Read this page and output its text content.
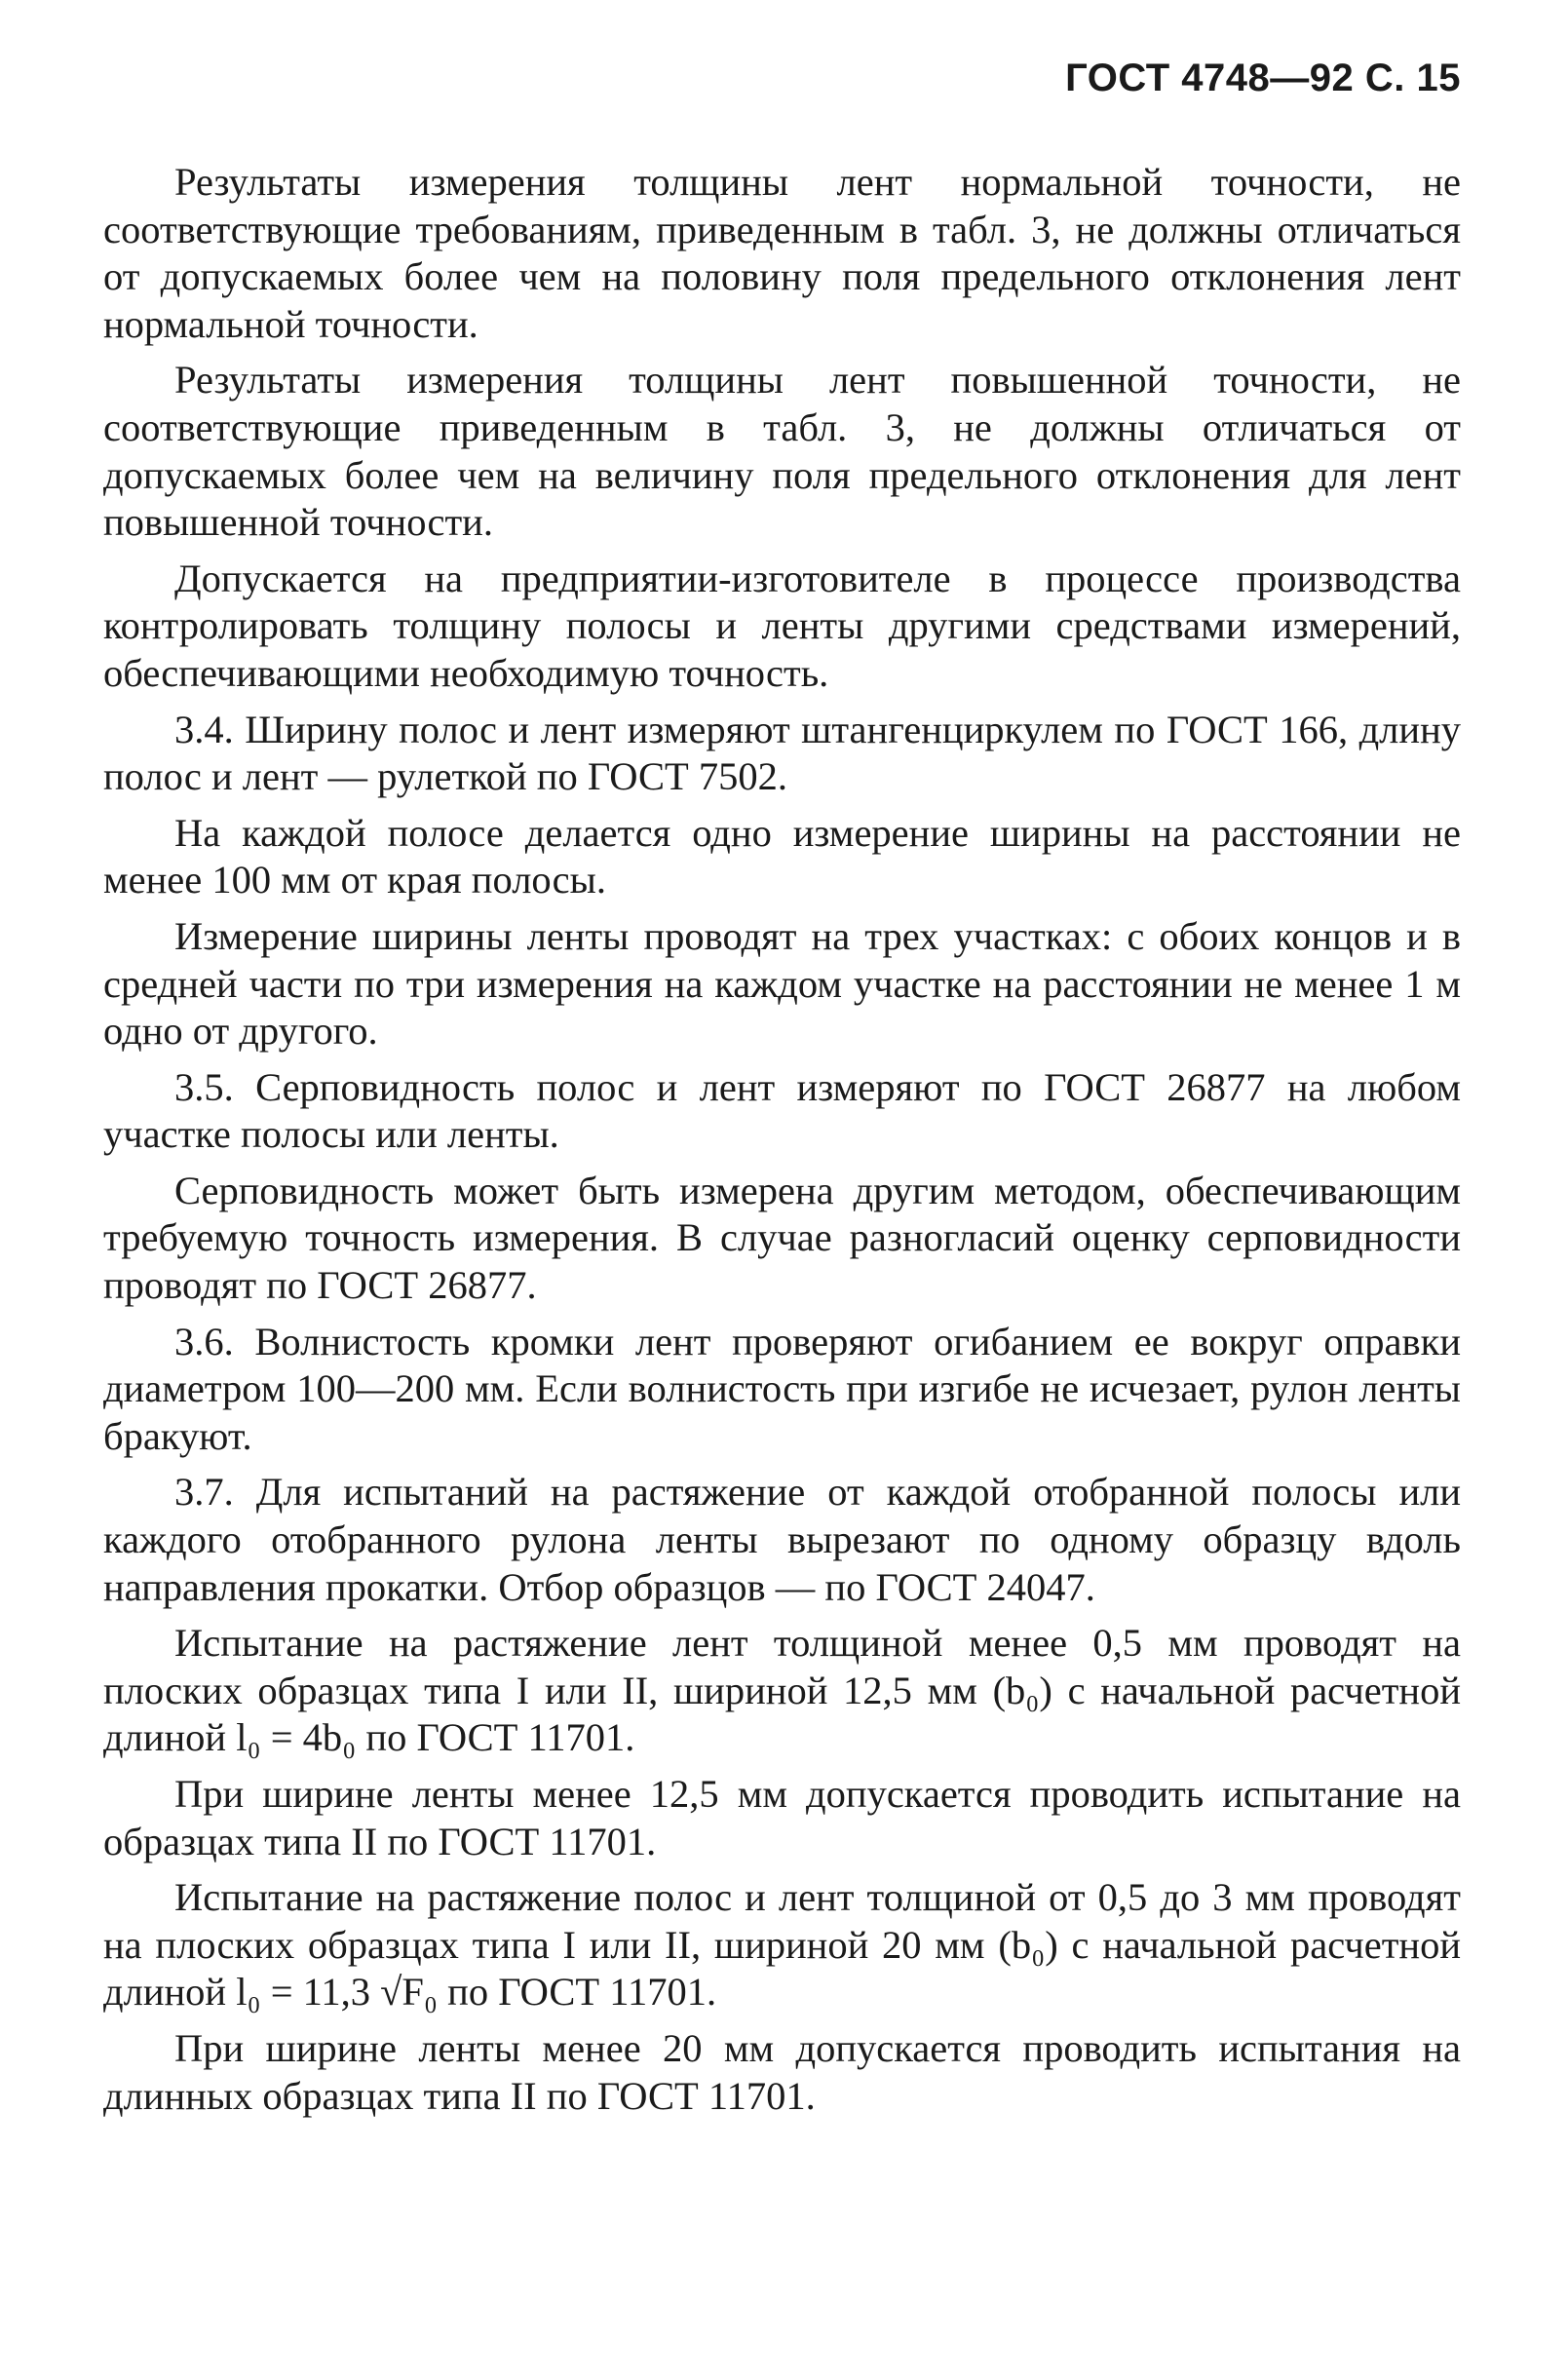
ГОСТ 4748—92 С. 15

Результаты измерения толщины лент нормальной точности, не соответствующие требованиям, приведенным в табл. 3, не должны отличаться от допускаемых более чем на половину поля предельного отклонения лент нормальной точности.

Результаты измерения толщины лент повышенной точности, не соответствующие приведенным в табл. 3, не должны отличаться от допускаемых более чем на величину поля предельного отклонения для лент повышенной точности.

Допускается на предприятии-изготовителе в процессе производства контролировать толщину полосы и ленты другими средствами измерений, обеспечивающими необходимую точность.

3.4. Ширину полос и лент измеряют штангенциркулем по ГОСТ 166, длину полос и лент — рулеткой по ГОСТ 7502.

На каждой полосе делается одно измерение ширины на расстоянии не менее 100 мм от края полосы.

Измерение ширины ленты проводят на трех участках: с обоих концов и в средней части по три измерения на каждом участке на расстоянии не менее 1 м одно от другого.

3.5. Серповидность полос и лент измеряют по ГОСТ 26877 на любом участке полосы или ленты.

Серповидность может быть измерена другим методом, обеспечивающим требуемую точность измерения. В случае разногласий оценку серповидности проводят по ГОСТ 26877.

3.6. Волнистость кромки лент проверяют огибанием ее вокруг оправки диаметром 100—200 мм. Если волнистость при изгибе не исчезает, рулон ленты бракуют.

3.7. Для испытаний на растяжение от каждой отобранной полосы или каждого отобранного рулона ленты вырезают по одному образцу вдоль направления прокатки. Отбор образцов — по ГОСТ 24047.

Испытание на растяжение лент толщиной менее 0,5 мм проводят на плоских образцах типа I или II, шириной 12,5 мм (b₀) с начальной расчетной длиной l₀ = 4b₀ по ГОСТ 11701.

При ширине ленты менее 12,5 мм допускается проводить испытание на образцах типа II по ГОСТ 11701.

Испытание на растяжение полос и лент толщиной от 0,5 до 3 мм проводят на плоских образцах типа I или II, шириной 20 мм (b₀) с начальной расчетной длиной l₀ = 11,3 √F₀ по ГОСТ 11701.

При ширине ленты менее 20 мм допускается проводить испытания на длинных образцах типа II по ГОСТ 11701.
